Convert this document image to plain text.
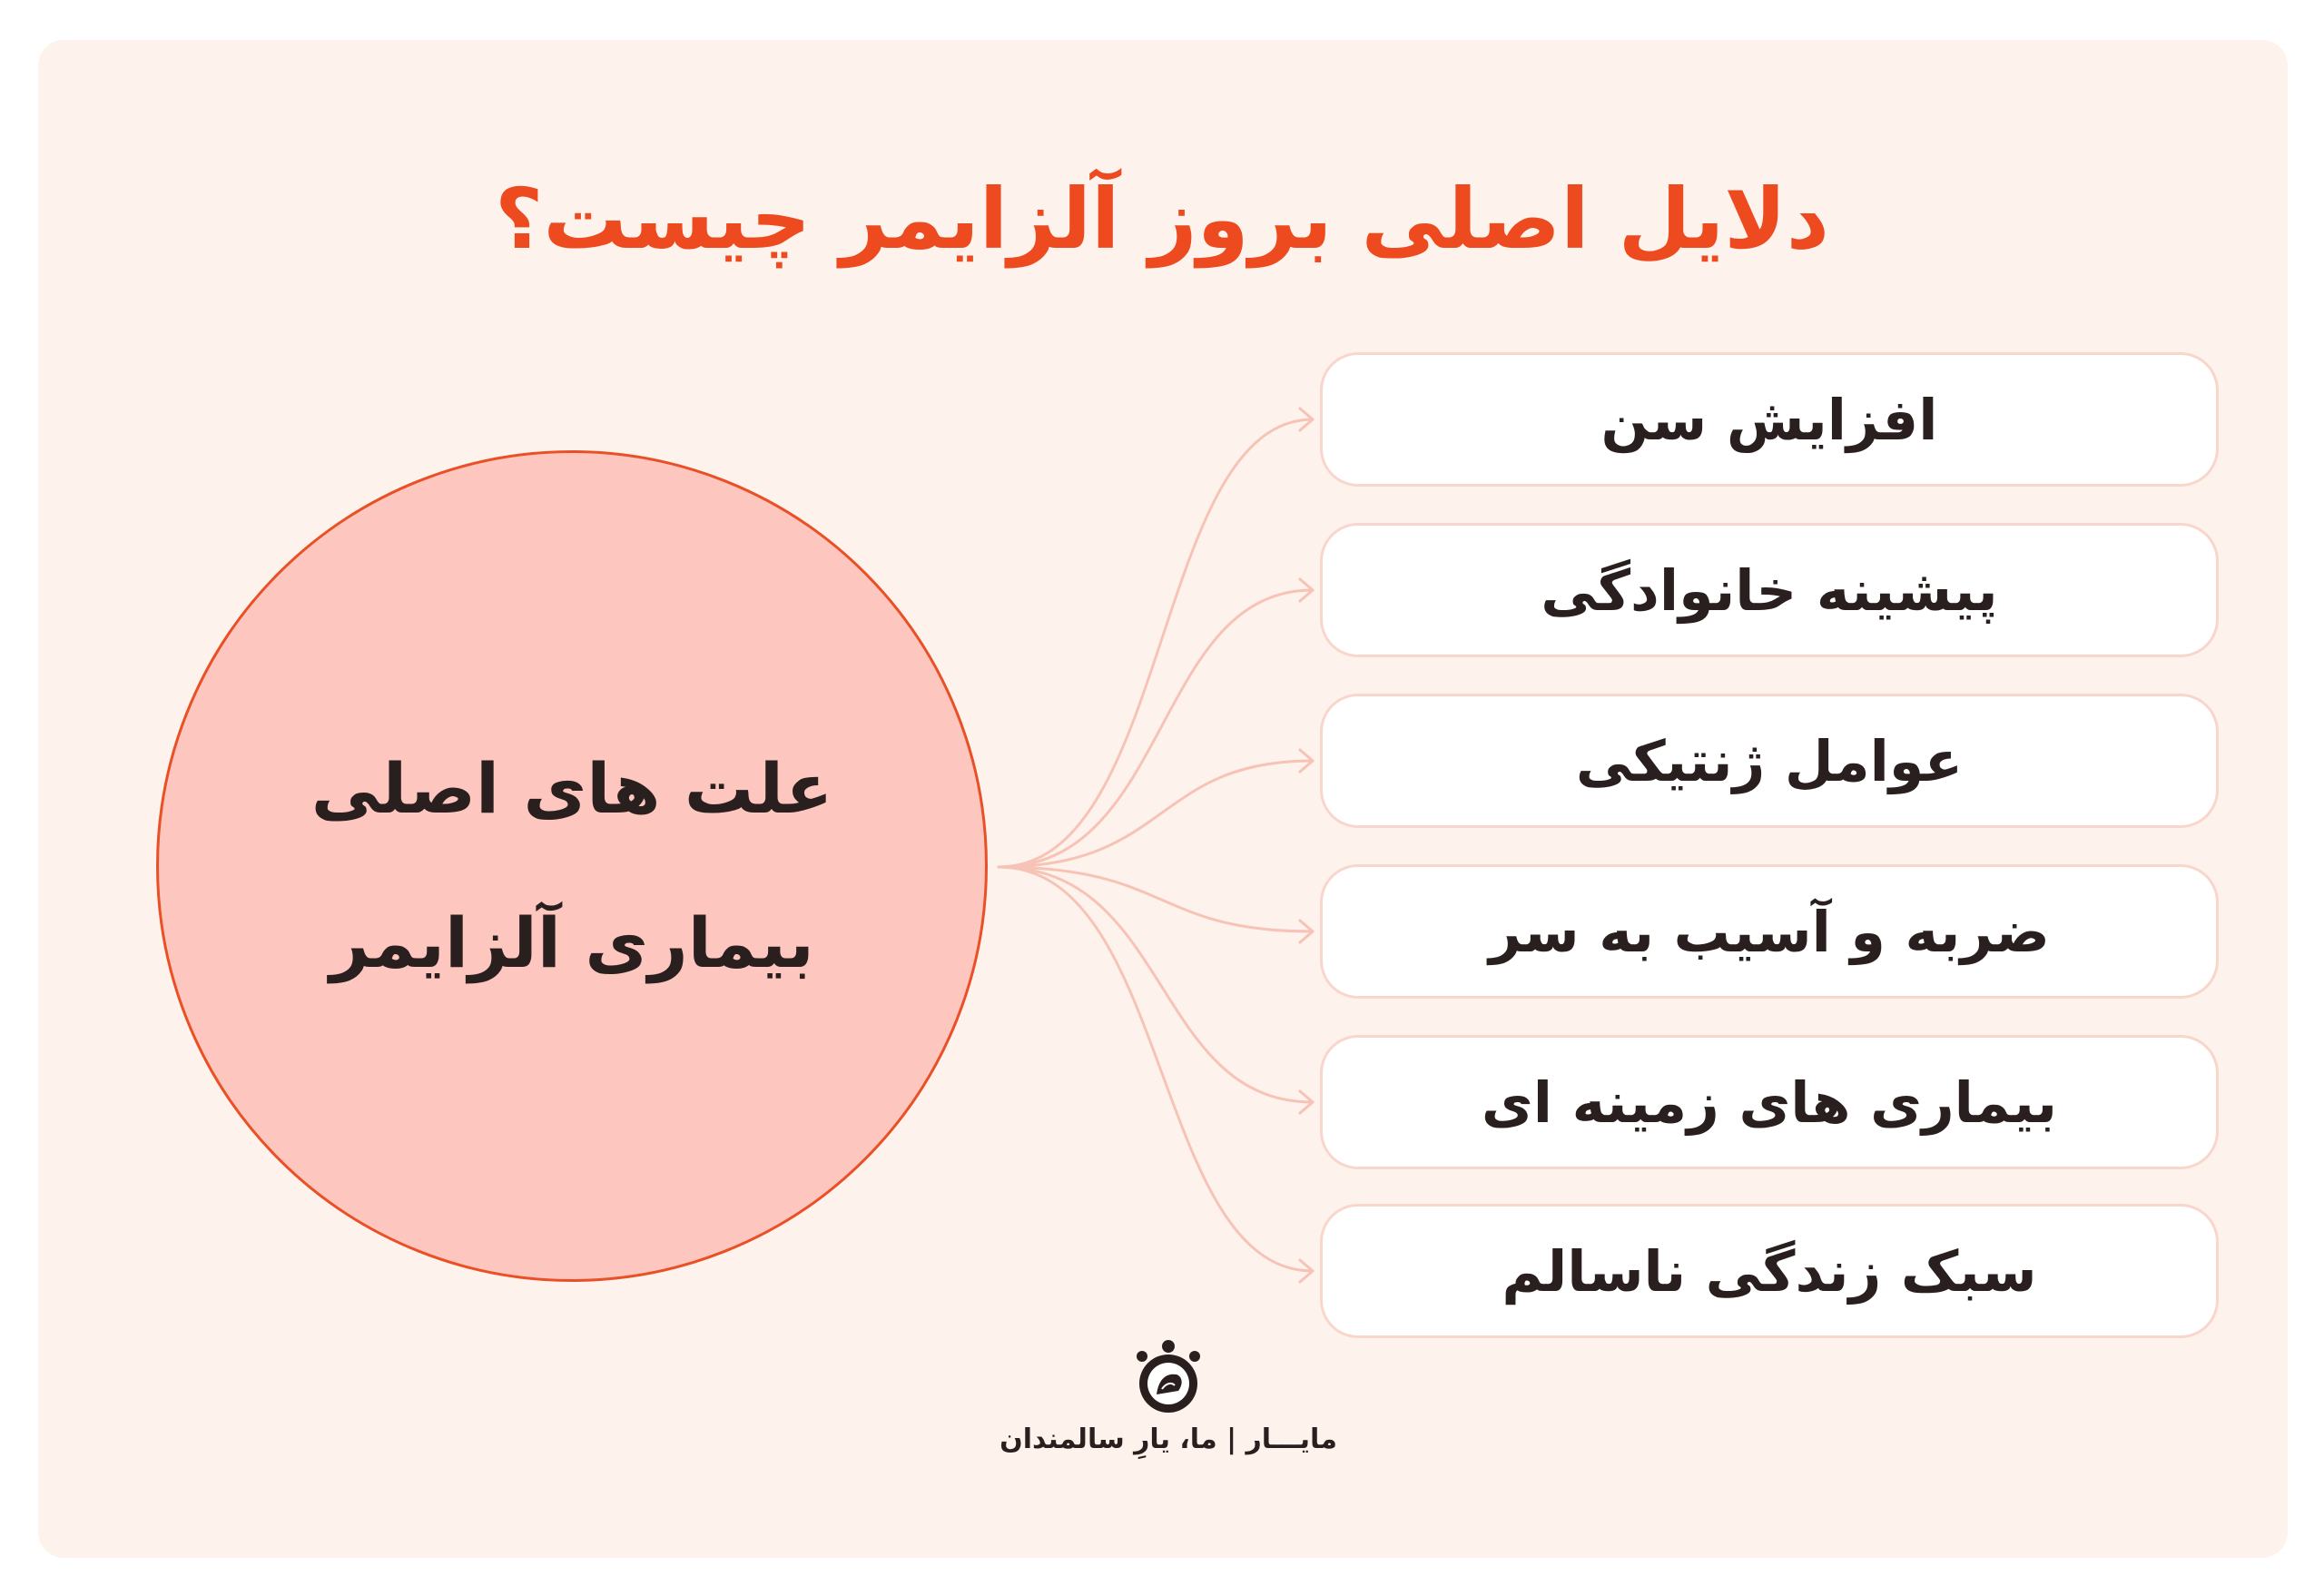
دلایل اصلی بروز آلزایمر چیست؟
علت های اصلی
بیماری آلزایمر
افزایش سن
پیشینه خانوادگی
عوامل ژنتیکی
ضربه و آسیب به سر
بیماری های زمینه ای
سبک زندگی ناسالم
مایـــار | ما، یارِ سالمندان
